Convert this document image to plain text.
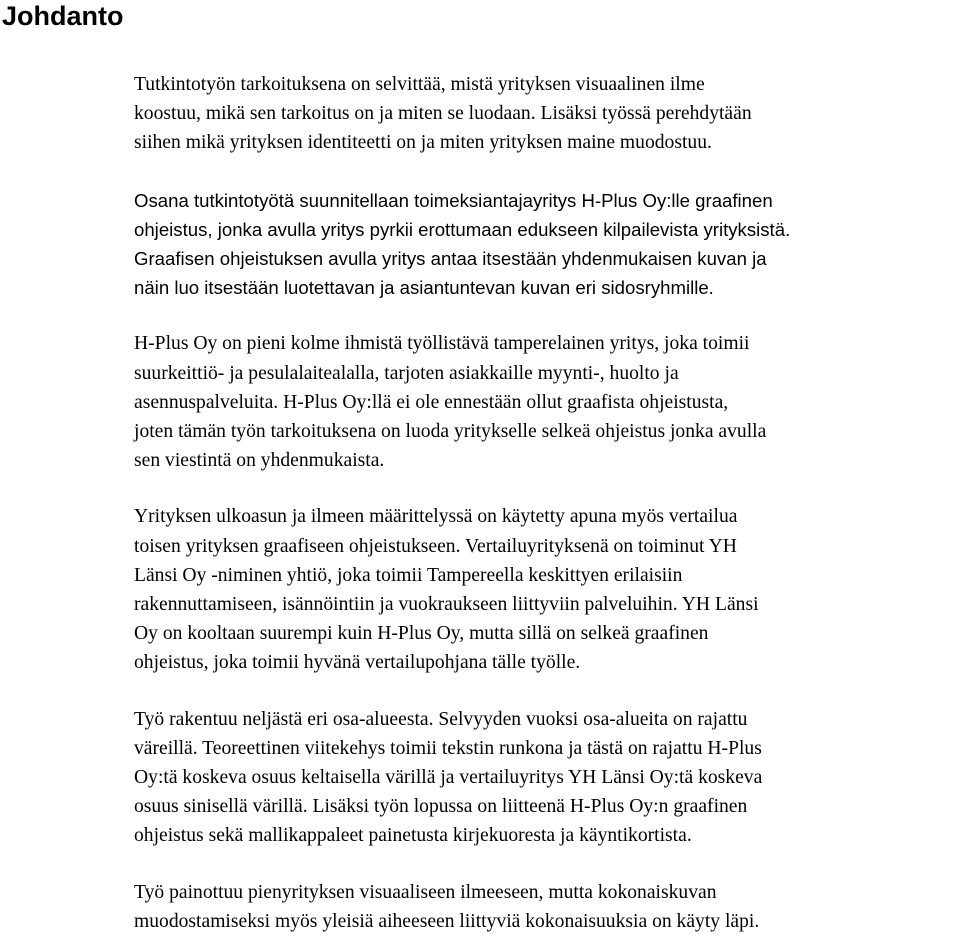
Johdanto

Tutkintotyön tarkoituksena on selvittää, mistä yrityksen visuaalinen ilme
koostuu, mikä sen tarkoitus on ja miten se luodaan. Lisäksi työssä perehdytään
siihen mikä yrityksen identiteetti on ja miten yrityksen maine muodostuu.

Osana tutkintotyötä suunnitellaan toimeksiantajayritys H-Plus Oy:lle graafinen
ohjeistus, jonka avulla yritys pyrkii erottumaan edukseen kilpailevista yrityksistä.
Graafisen ohjeistuksen avulla yritys antaa itsestään yhdenmukaisen kuvan ja
näin luo itsestään luotettavan ja asiantuntevan kuvan eri sidosryhmille.

H-Plus Oy on pieni kolme ihmistä työllistävä tamperelainen yritys, joka toimii
suurkeittiö- ja pesulalaitealalla, tarjoten asiakkaille myynti-, huolto ja
asennuspalveluita. H-Plus Oy:llä ei ole ennestään ollut graafista ohjeistusta,
joten tämän työn tarkoituksena on luoda yritykselle selkeä ohjeistus jonka avulla
sen viestintä on yhdenmukaista.

Yrityksen ulkoasun ja ilmeen määrittelyssä on käytetty apuna myös vertailua
toisen yrityksen graafiseen ohjeistukseen. Vertailuyrityksenä on toiminut YH
Länsi Oy -niminen yhtiö, joka toimii Tampereella keskittyen erilaisiin
rakennuttamiseen, isännöintiin ja vuokraukseen liittyviin palveluihin. YH Länsi
Oy on kooltaan suurempi kuin H-Plus Oy, mutta sillä on selkeä graafinen
ohjeistus, joka toimii hyvänä vertailupohjana tälle työlle.

Työ rakentuu neljästä eri osa-alueesta. Selvyyden vuoksi osa-alueita on rajattu
väreillä. Teoreettinen viitekehys toimii tekstin runkona ja tästä on rajattu H-Plus
Oy:tä koskeva osuus keltaisella värillä ja vertailuyritys YH Länsi Oy:tä koskeva
osuus sinisellä värillä. Lisäksi työn lopussa on liitteenä H-Plus Oy:n graafinen
ohjeistus sekä mallikappaleet painetusta kirjekuoresta ja käyntikortista.

Työ painottuu pienyrityksen visuaaliseen ilmeeseen, mutta kokonaiskuvan
muodostamiseksi myös yleisiä aiheeseen liittyviä kokonaisuuksia on käyty läpi.
